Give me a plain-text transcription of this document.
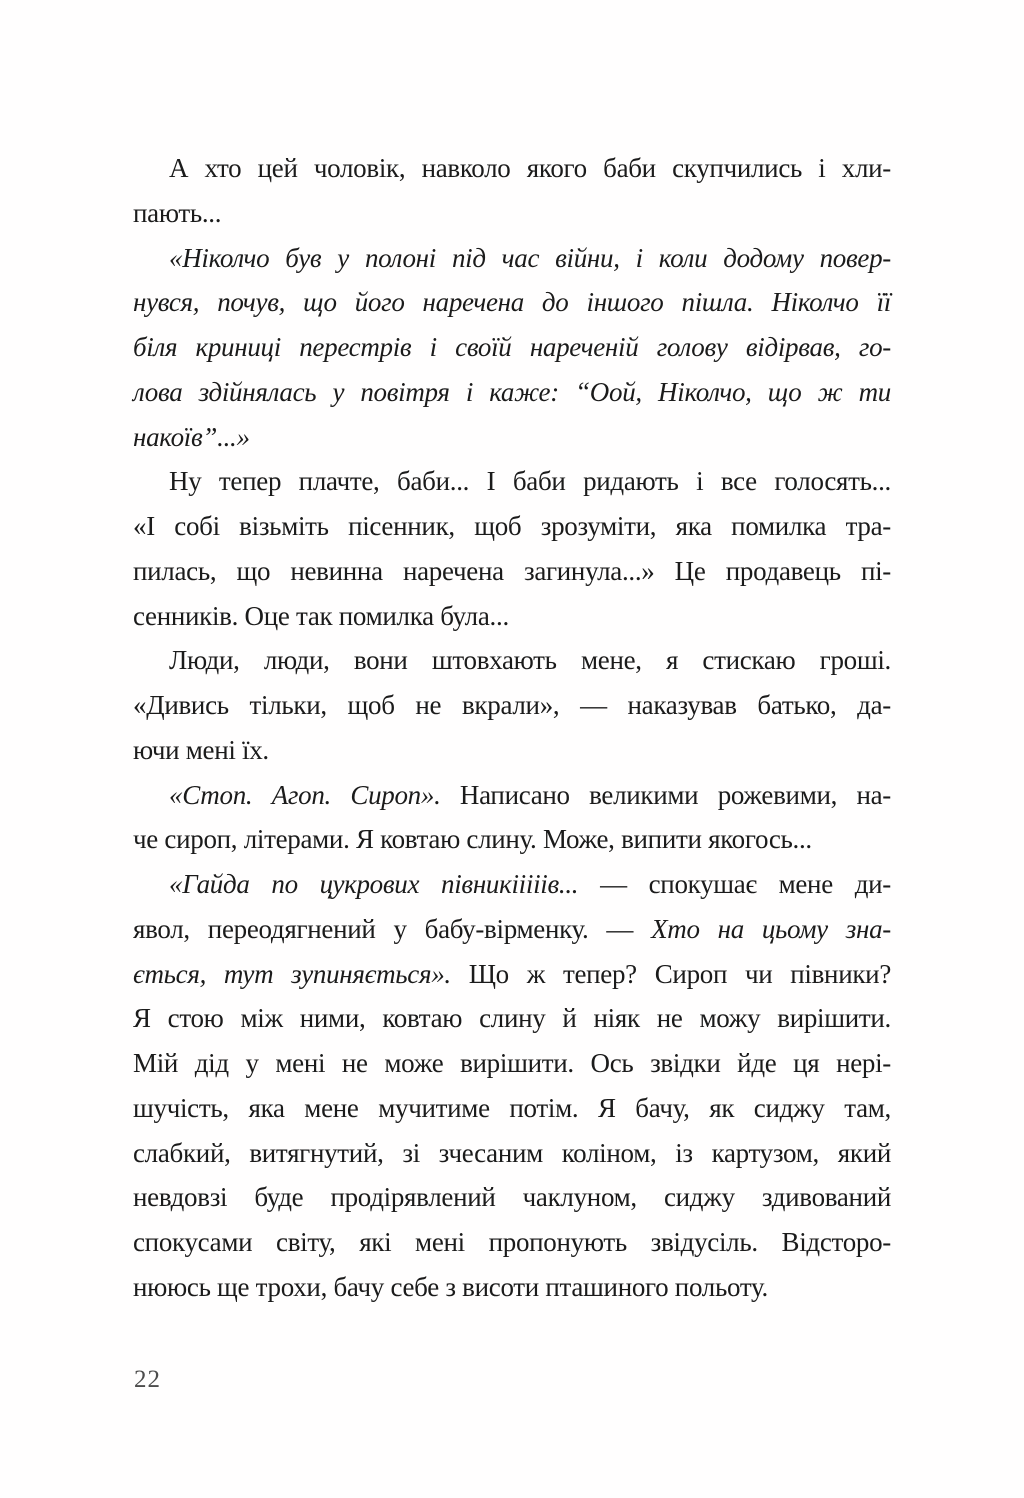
А хто цей чоловік, навколо якого баби скупчились і хли-
пають...
«Ніколчо був у полоні під час війни, і коли додому повер-
нувся, почув, що його наречена до іншого пішла. Ніколчо її
біля криниці перестрів і своїй нареченій голову відірвав, го-
лова здійнялась у повітря і каже: “Оой, Ніколчо, що ж ти
накоїв”...»
Ну тепер плачте, баби... І баби ридають і все голосять...
«І собі візьміть пісенник, щоб зрозуміти, яка помилка тра-
пилась, що невинна наречена загинула...» Це продавець пі-
сенників. Оце так помилка була...
Люди, люди, вони штовхають мене, я стискаю гроші.
«Дивись тільки, щоб не вкрали», — наказував батько, да-
ючи мені їх.
«Стоп. Агоп. Сироп». Написано великими рожевими, на-
че сироп, літерами. Я ковтаю слину. Може, випити якогось...
«Гайда по цукрових півникііііів... — спокушає мене ди-
явол, переодягнений у бабу-вірменку. — Хто на цьому зна-
ється, тут зупиняється». Що ж тепер? Сироп чи півники?
Я стою між ними, ковтаю слину й ніяк не можу вирішити.
Мій дід у мені не може вирішити. Ось звідки йде ця нері-
шучість, яка мене мучитиме потім. Я бачу, як сиджу там,
слабкий, витягнутий, зі зчесаним коліном, із картузом, який
невдовзі буде продірявлений чаклуном, сиджу здивований
спокусами світу, які мені пропонують звідусіль. Відсторо-
нююсь ще трохи, бачу себе з висоти пташиного польоту.
22
